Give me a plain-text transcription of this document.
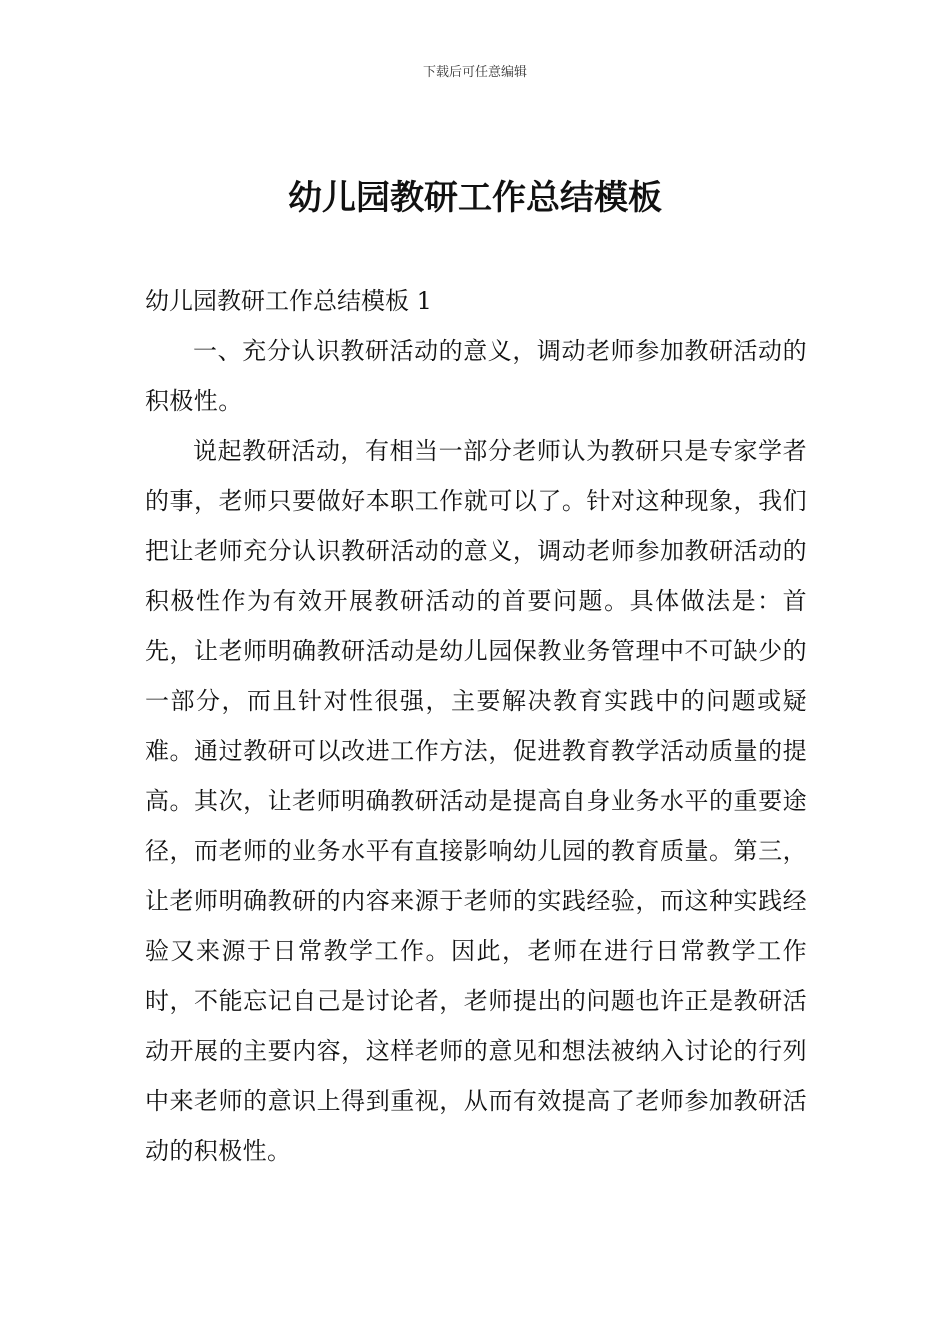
下载后可任意编辑
幼儿园教研工作总结模板

幼儿园教研工作总结模板 1

一、充分认识教研活动的意义，调动老师参加教研活动的积极性。

说起教研活动，有相当一部分老师认为教研只是专家学者的事，老师只要做好本职工作就可以了。针对这种现象，我们把让老师充分认识教研活动的意义，调动老师参加教研活动的积极性作为有效开展教研活动的首要问题。具体做法是：首先，让老师明确教研活动是幼儿园保教业务管理中不可缺少的一部分，而且针对性很强，主要解决教育实践中的问题或疑难。通过教研可以改进工作方法，促进教育教学活动质量的提高。其次，让老师明确教研活动是提高自身业务水平的重要途径，而老师的业务水平有直接影响幼儿园的教育质量。第三，让老师明确教研的内容来源于老师的实践经验，而这种实践经验又来源于日常教学工作。因此，老师在进行日常教学工作时，不能忘记自己是讨论者，老师提出的问题也许正是教研活动开展的主要内容，这样老师的意见和想法被纳入讨论的行列中来老师的意识上得到重视，从而有效提高了老师参加教研活动的积极性。
